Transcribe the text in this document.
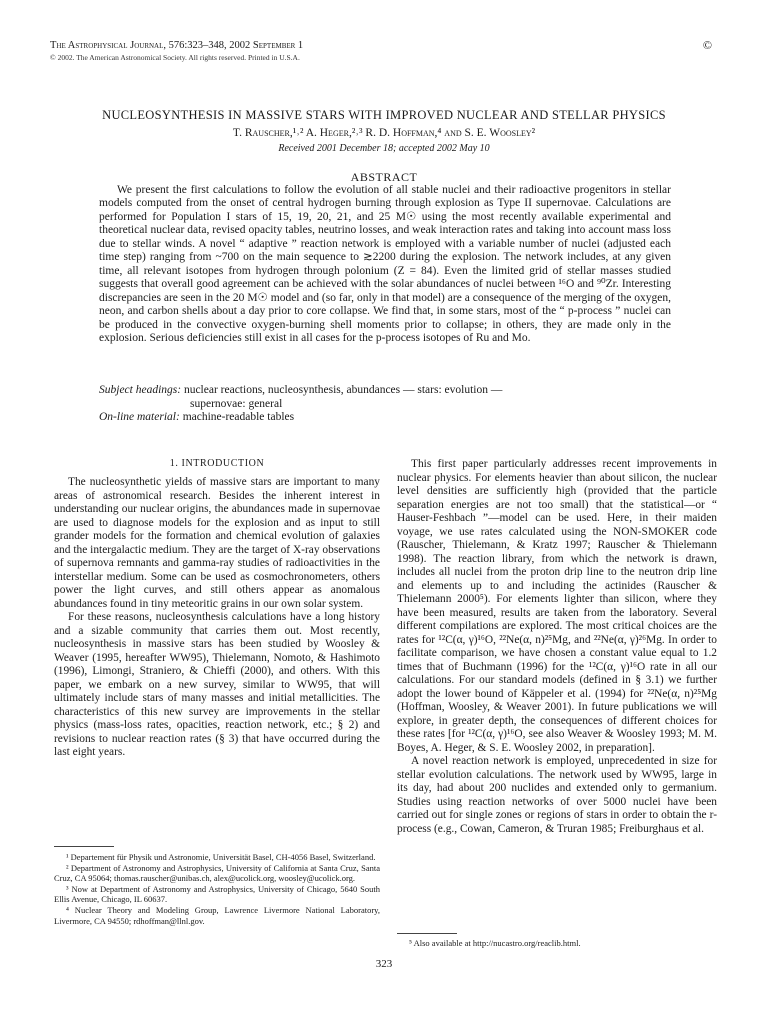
The Astrophysical Journal, 576:323–348, 2002 September 1
© 2002. The American Astronomical Society. All rights reserved. Printed in U.S.A.
©
NUCLEOSYNTHESIS IN MASSIVE STARS WITH IMPROVED NUCLEAR AND STELLAR PHYSICS
T. Rauscher,¹˒² A. Heger,²˒³ R. D. Hoffman,⁴ and S. E. Woosley²
Received 2001 December 18; accepted 2002 May 10
ABSTRACT

We present the first calculations to follow the evolution of all stable nuclei and their radioactive progenitors in stellar models computed from the onset of central hydrogen burning through explosion as Type II supernovae. Calculations are performed for Population I stars of 15, 19, 20, 21, and 25 M☉ using the most recently available experimental and theoretical nuclear data, revised opacity tables, neutrino losses, and weak interaction rates and taking into account mass loss due to stellar winds. A novel “ adaptive ” reaction network is employed with a variable number of nuclei (adjusted each time step) ranging from ~700 on the main sequence to ≳2200 during the explosion. The network includes, at any given time, all relevant isotopes from hydrogen through polonium (Z = 84). Even the limited grid of stellar masses studied suggests that overall good agreement can be achieved with the solar abundances of nuclei between ¹⁶O and ⁹⁰Zr. Interesting discrepancies are seen in the 20 M☉ model and (so far, only in that model) are a consequence of the merging of the oxygen, neon, and carbon shells about a day prior to core collapse. We find that, in some stars, most of the “ p-process ” nuclei can be produced in the convective oxygen-burning shell moments prior to collapse; in others, they are made only in the explosion. Serious deficiencies still exist in all cases for the p-process isotopes of Ru and Mo.

Subject headings: nuclear reactions, nucleosynthesis, abundances — stars: evolution —
supernovae: general
On-line material: machine-readable tables
1. INTRODUCTION

The nucleosynthetic yields of massive stars are important to many areas of astronomical research. Besides the inherent interest in understanding our nuclear origins, the abundances made in supernovae are used to diagnose models for the explosion and as input to still grander models for the formation and chemical evolution of galaxies and the intergalactic medium. They are the target of X-ray observations of supernova remnants and gamma-ray studies of radioactivities in the interstellar medium. Some can be used as cosmochronometers, others power the light curves, and still others appear as anomalous abundances found in tiny meteoritic grains in our own solar system.

For these reasons, nucleosynthesis calculations have a long history and a sizable community that carries them out. Most recently, nucleosynthesis in massive stars has been studied by Woosley & Weaver (1995, hereafter WW95), Thielemann, Nomoto, & Hashimoto (1996), Limongi, Straniero, & Chieffi (2000), and others. With this paper, we embark on a new survey, similar to WW95, that will ultimately include stars of many masses and initial metallicities. The characteristics of this new survey are improvements in the stellar physics (mass-loss rates, opacities, reaction network, etc.; § 2) and revisions to nuclear reaction rates (§ 3) that have occurred during the last eight years.

This first paper particularly addresses recent improvements in nuclear physics. For elements heavier than about silicon, the nuclear level densities are sufficiently high (provided that the particle separation energies are not too small) that the statistical—or “ Hauser-Feshbach ”—model can be used. Here, in their maiden voyage, we use rates calculated using the NON-SMOKER code (Rauscher, Thielemann, & Kratz 1997; Rauscher & Thielemann 1998). The reaction library, from which the network is drawn, includes all nuclei from the proton drip line to the neutron drip line and elements up to and including the actinides (Rauscher & Thielemann 2000⁵). For elements lighter than silicon, where they have been measured, results are taken from the laboratory. Several different compilations are explored. The most critical choices are the rates for ¹²C(α, γ)¹⁶O, ²²Ne(α, n)²⁵Mg, and ²²Ne(α, γ)²⁶Mg. In order to facilitate comparison, we have chosen a constant value equal to 1.2 times that of Buchmann (1996) for the ¹²C(α, γ)¹⁶O rate in all our calculations. For our standard models (defined in § 3.1) we further adopt the lower bound of Käppeler et al. (1994) for ²²Ne(α, n)²⁵Mg (Hoffman, Woosley, & Weaver 2001). In future publications we will explore, in greater depth, the consequences of different choices for these rates [for ¹²C(α, γ)¹⁶O, see also Weaver & Woosley 1993; M. M. Boyes, A. Heger, & S. E. Woosley 2002, in preparation].

A novel reaction network is employed, unprecedented in size for stellar evolution calculations. The network used by WW95, large in its day, had about 200 nuclides and extended only to germanium. Studies using reaction networks of over 5000 nuclei have been carried out for single zones or regions of stars in order to obtain the r-process (e.g., Cowan, Cameron, & Truran 1985; Freiburghaus et al.

¹ Departement für Physik und Astronomie, Universität Basel, CH-4056 Basel, Switzerland.

² Department of Astronomy and Astrophysics, University of California at Santa Cruz, Santa Cruz, CA 95064; thomas.rauscher@unibas.ch, alex@ucolick.org, woosley@ucolick.org.

³ Now at Department of Astronomy and Astrophysics, University of Chicago, 5640 South Ellis Avenue, Chicago, IL 60637.

⁴ Nuclear Theory and Modeling Group, Lawrence Livermore National Laboratory, Livermore, CA 94550; rdhoffman@llnl.gov.

⁵ Also available at http://nucastro.org/reaclib.html.
323
